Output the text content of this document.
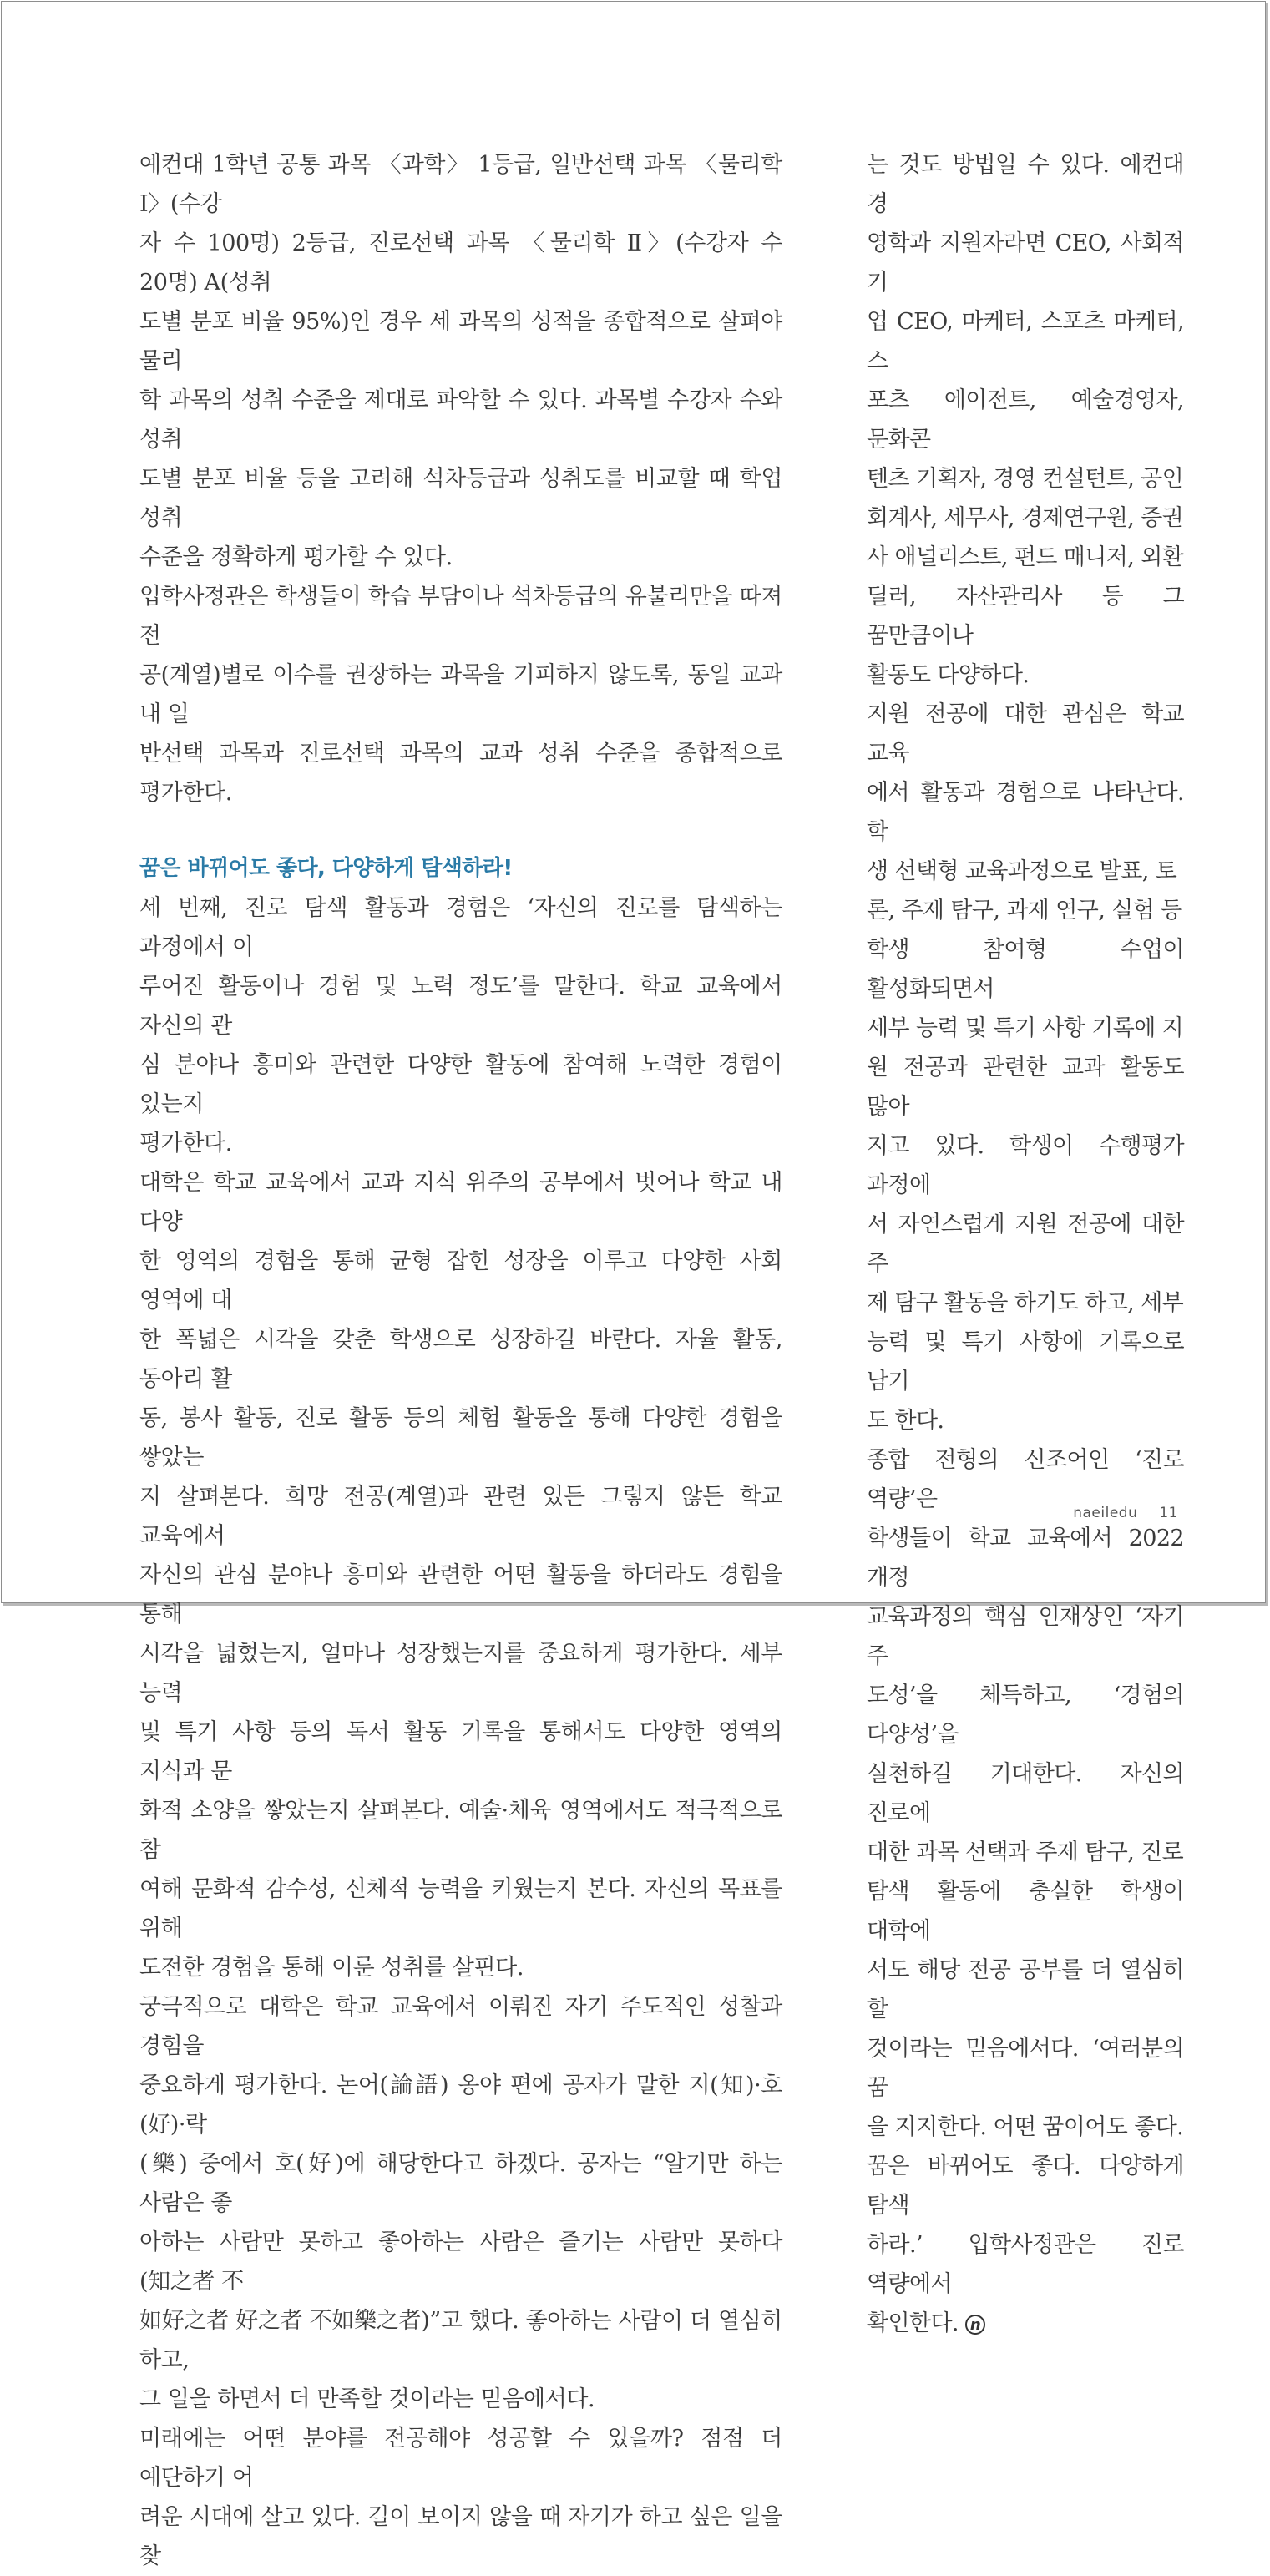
예컨대 1학년 공통 과목 〈과학〉 1등급, 일반선택 과목 〈물리학 Ⅰ〉(수강
자 수 100명) 2등급, 진로선택 과목 〈물리학 Ⅱ〉(수강자 수 20명) A(성취
도별 분포 비율 95%)인 경우 세 과목의 성적을 종합적으로 살펴야 물리
학 과목의 성취 수준을 제대로 파악할 수 있다. 과목별 수강자 수와 성취
도별 분포 비율 등을 고려해 석차등급과 성취도를 비교할 때 학업 성취
수준을 정확하게 평가할 수 있다.

입학사정관은 학생들이 학습 부담이나 석차등급의 유불리만을 따져 전
공(계열)별로 이수를 권장하는 과목을 기피하지 않도록, 동일 교과 내 일
반선택 과목과 진로선택 과목의 교과 성취 수준을 종합적으로 평가한다.

꿈은 바뀌어도 좋다, 다양하게 탐색하라!

세 번째, 진로 탐색 활동과 경험은 ‘자신의 진로를 탐색하는 과정에서 이
루어진 활동이나 경험 및 노력 정도’를 말한다. 학교 교육에서 자신의 관
심 분야나 흥미와 관련한 다양한 활동에 참여해 노력한 경험이 있는지
평가한다.

대학은 학교 교육에서 교과 지식 위주의 공부에서 벗어나 학교 내 다양
한 영역의 경험을 통해 균형 잡힌 성장을 이루고 다양한 사회 영역에 대
한 폭넓은 시각을 갖춘 학생으로 성장하길 바란다. 자율 활동, 동아리 활
동, 봉사 활동, 진로 활동 등의 체험 활동을 통해 다양한 경험을 쌓았는
지 살펴본다. 희망 전공(계열)과 관련 있든 그렇지 않든 학교 교육에서
자신의 관심 분야나 흥미와 관련한 어떤 활동을 하더라도 경험을 통해
시각을 넓혔는지, 얼마나 성장했는지를 중요하게 평가한다. 세부 능력
및 특기 사항 등의 독서 활동 기록을 통해서도 다양한 영역의 지식과 문
화적 소양을 쌓았는지 살펴본다. 예술·체육 영역에서도 적극적으로 참
여해 문화적 감수성, 신체적 능력을 키웠는지 본다. 자신의 목표를 위해
도전한 경험을 통해 이룬 성취를 살핀다.

궁극적으로 대학은 학교 교육에서 이뤄진 자기 주도적인 성찰과 경험을
중요하게 평가한다. 논어(論語) 옹야 편에 공자가 말한 지(知)·호(好)·락
(樂) 중에서 호(好)에 해당한다고 하겠다. 공자는 “알기만 하는 사람은 좋
아하는 사람만 못하고 좋아하는 사람은 즐기는 사람만 못하다(知之者 不
如好之者 好之者 不如樂之者)”고 했다. 좋아하는 사람이 더 열심히 하고,
그 일을 하면서 더 만족할 것이라는 믿음에서다.

미래에는 어떤 분야를 전공해야 성공할 수 있을까? 점점 더 예단하기 어
려운 시대에 살고 있다. 길이 보이지 않을 때 자기가 하고 싶은 일을 찾

는 것도 방법일 수 있다. 예컨대 경
영학과 지원자라면 CEO, 사회적 기
업 CEO, 마케터, 스포츠 마케터, 스
포츠 에이전트, 예술경영자, 문화콘
텐츠 기획자, 경영 컨설턴트, 공인
회계사, 세무사, 경제연구원, 증권
사 애널리스트, 펀드 매니저, 외환
딜러, 자산관리사 등 그 꿈만큼이나
활동도 다양하다.

지원 전공에 대한 관심은 학교 교육
에서 활동과 경험으로 나타난다. 학
생 선택형 교육과정으로 발표, 토
론, 주제 탐구, 과제 연구, 실험 등
학생 참여형 수업이 활성화되면서
세부 능력 및 특기 사항 기록에 지
원 전공과 관련한 교과 활동도 많아
지고 있다. 학생이 수행평가 과정에
서 자연스럽게 지원 전공에 대한 주
제 탐구 활동을 하기도 하고, 세부
능력 및 특기 사항에 기록으로 남기
도 한다.

종합 전형의 신조어인 ‘진로 역량’은
학생들이 학교 교육에서 2022 개정
교육과정의 핵심 인재상인 ‘자기 주
도성’을 체득하고, ‘경험의 다양성’을
실천하길 기대한다. 자신의 진로에
대한 과목 선택과 주제 탐구, 진로
탐색 활동에 충실한 학생이 대학에
서도 해당 전공 공부를 더 열심히 할
것이라는 믿음에서다. ‘여러분의 꿈
을 지지한다. 어떤 꿈이어도 좋다.
꿈은 바뀌어도 좋다. 다양하게 탐색
하라.’ 입학사정관은 진로 역량에서
확인한다. n

naeiledu 11
